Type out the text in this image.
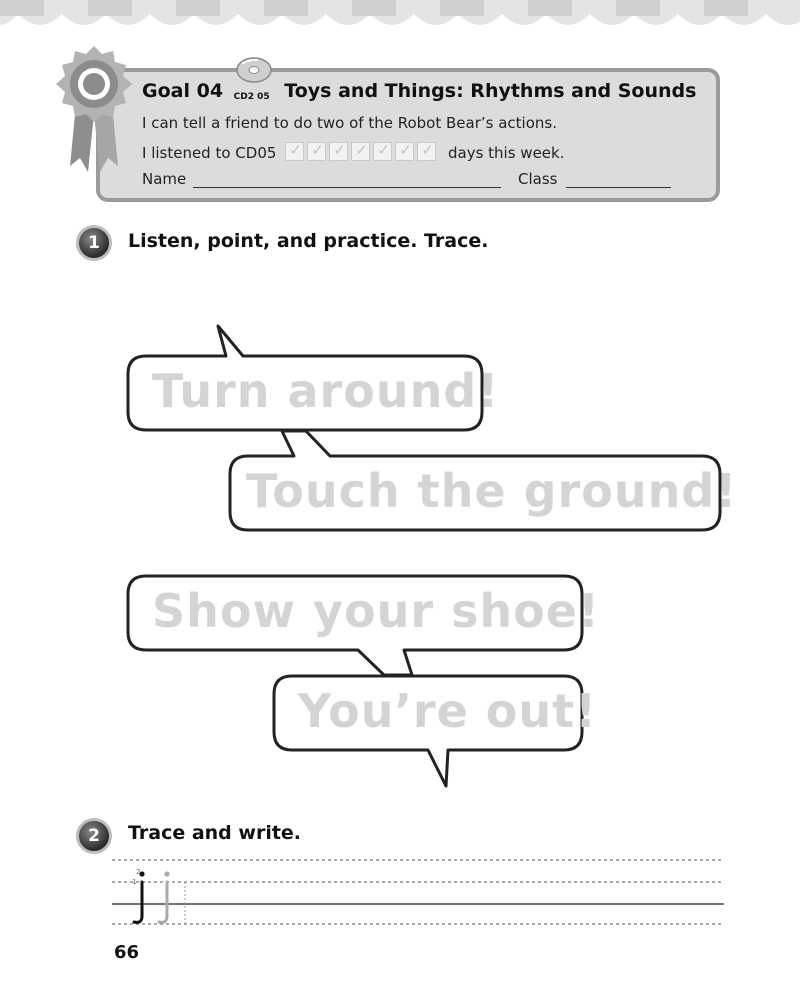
Goal 04 CD2 05 Toys and Things: Rhythms and Sounds
I can tell a friend to do two of the Robot Bear’s actions.
I listened to CD05 ✓ ✓ ✓ ✓ ✓ ✓ ✓	days this week.
Name	Class
1	Listen, point, and practice. Trace.
Turn around!
Touch the ground!
Show your shoe!
You’re out!
2	Trace and write.
1
2
66
